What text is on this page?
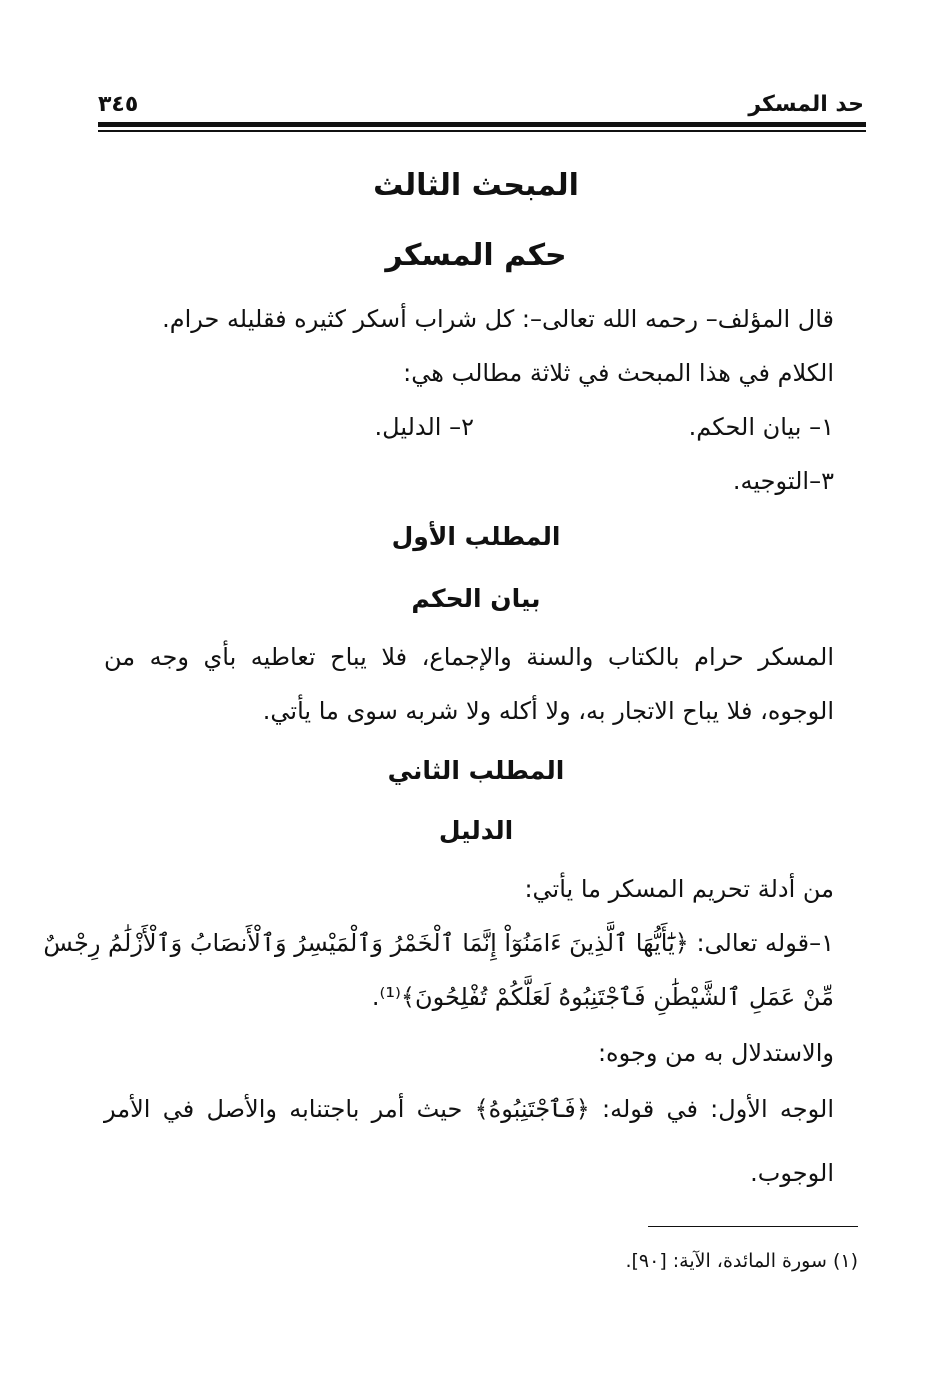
حد المسكر
٣٤٥
المبحث الثالث
حكم المسكر
قال المؤلف– رحمه الله تعالى–: كل شراب أسكر كثيره فقليله حرام.
الكلام في هذا المبحث في ثلاثة مطالب هي:
١– بيان الحكم.
٢– الدليل.
٣–التوجيه.
المطلب الأول
بيان الحكم
المسكر حرام بالكتاب والسنة والإجماع، فلا يباح تعاطيه بأي وجه من
الوجوه، فلا يباح الاتجار به، ولا أكله ولا شربه سوى ما يأتي.
المطلب الثاني
الدليل
من أدلة تحريم المسكر ما يأتي:
١–قوله تعالى: ﴿يَٰٓأَيُّهَا ٱلَّذِينَ ءَامَنُوٓاْ إِنَّمَا ٱلْخَمْرُ وَٱلْمَيْسِرُ وَٱلْأَنصَابُ وَٱلْأَزْلَٰمُ رِجْسٌ
مِّنْ عَمَلِ ٱلشَّيْطَٰنِ فَٱجْتَنِبُوهُ لَعَلَّكُمْ تُفْلِحُونَ﴾⁽¹⁾.
والاستدلال به من وجوه:
الوجه الأول: في قوله: ﴿فَٱجْتَنِبُوهُ﴾ حيث أمر باجتنابه والأصل في الأمر
الوجوب.
(١) سورة المائدة، الآية: [٩٠].
